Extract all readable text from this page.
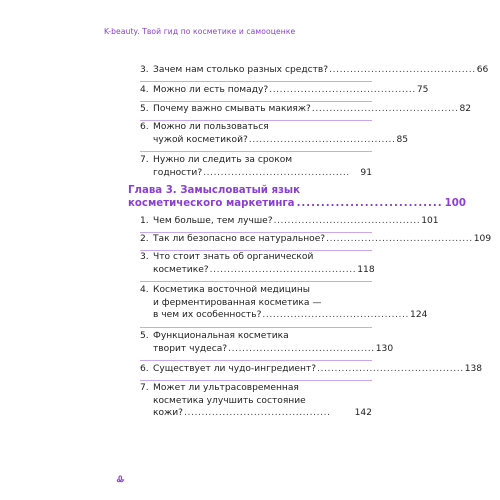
K-beauty. Твой гид по косметике и самооценке
3. Зачем нам столько разных средств? .......................................... 66
4. Можно ли есть помаду? .......................................... 75
5. Почему важно смывать макияж? .......................................... 82
6. Можно ли пользоваться
чужой косметикой? .......................................... 85
7. Нужно ли следить за сроком
годности? ..........................................	91
Глава 3. Замысловатый язык
косметического маркетинга .............................. 100
1. Чем больше, тем лучше? .......................................... 101
2. Так ли безопасно все натуральное? .......................................... 109
3. Что стоит знать об органической
косметике? .......................................... 118
4. Косметика восточной медицины
и ферментированная косметика —
в чем их особенность? .......................................... 124
5. Функциональная косметика
творит чудеса? .......................................... 130
6. Существует ли чудо-ингредиент? .......................................... 138
7. Может ли ультрасовременная
косметика улучшить состояние
кожи? ..........................................	142
Ꮂ
